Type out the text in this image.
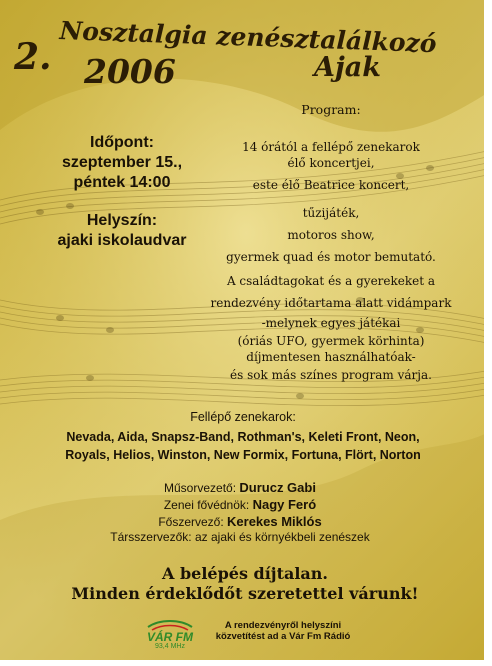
2. Nosztalgia zenésztalálkozó
2006	Ajak
Időpont:
szeptember 15.,
péntek 14:00
Helyszín:
ajaki iskolaudvar
Program:
14 órától a fellépő zenekarok
élő koncertjei,
este élő Beatrice koncert,
tűzijáték,
motoros show,
gyermek quad és motor bemutató.
A családtagokat és a gyerekeket a
rendezvény időtartama alatt vidámpark
-melynek egyes játékai
(óriás UFO, gyermek körhinta)
díjmentesen használhatóak-
és sok más színes program várja.
Fellépő zenekarok:
Nevada, Aida, Snapsz-Band, Rothman's, Keleti Front, Neon,
Royals, Helios, Winston, New Formix, Fortuna, Flört, Norton
Műsorvezető: Durucz Gabi
Zenei fővédnök: Nagy Feró
Főszervező: Kerekes Miklós
Társszervezők: az ajaki és környékbeli zenészek
A belépés díjtalan.
Minden érdeklődőt szeretettel várunk!
VÁR FM
93,4 MHz
A rendezvényről helyszíni közvetítést ad a Vár Fm Rádió
